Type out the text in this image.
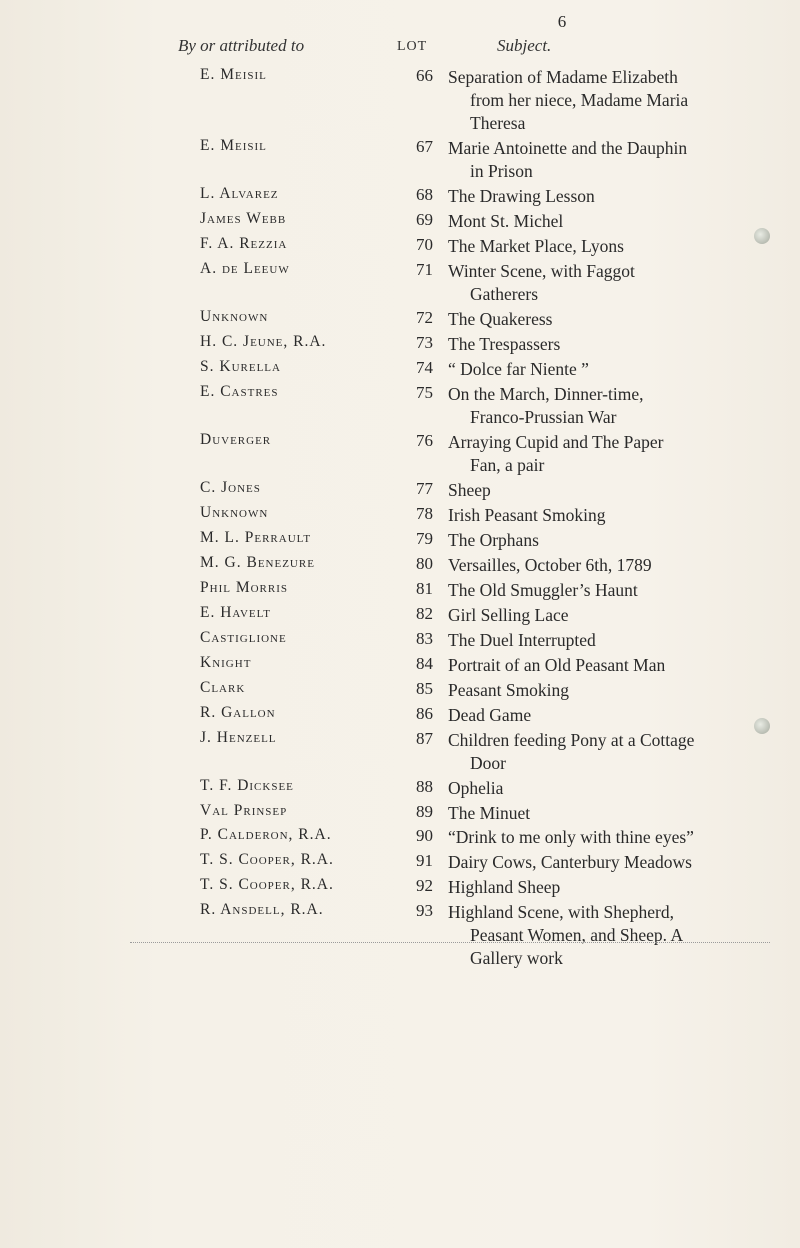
6
By or attributed to	LOT	Subject.
E. Meisil	66 Separation of Madame Elizabeth
from her niece, Madame Maria
Theresa
E. Meisil	67 Marie Antoinette and the Dauphin
in Prison
L. Alvarez	68 The Drawing Lesson
James Webb	69 Mont St. Michel
F. A. Rezzia	70 The Market Place, Lyons
A. de Leeuw	71 Winter Scene, with Faggot
Gatherers
Unknown	72 The Quakeress
H. C. Jeune, R.A.	73 The Trespassers
S. Kurella	74 “ Dolce far Niente ”
E. Castres	75 On the March, Dinner-time,
Franco-Prussian War
Duverger	76 Arraying Cupid and The Paper
Fan, a pair
C. Jones	77 Sheep
Unknown	78 Irish Peasant Smoking
M. L. Perrault	79 The Orphans
M. G. Benezure	80 Versailles, October 6th, 1789
Phil Morris	81 The Old Smuggler’s Haunt
E. Havelt	82 Girl Selling Lace
Castiglione	83 The Duel Interrupted
Knight	84 Portrait of an Old Peasant Man
Clark	85 Peasant Smoking
R. Gallon	86 Dead Game
J. Henzell	87 Children feeding Pony at a Cottage
Door
T. F. Dicksee	88 Ophelia
Val Prinsep	89 The Minuet
P. Calderon, R.A.	90 “Drink to me only with thine eyes”
T. S. Cooper, R.A.	91 Dairy Cows, Canterbury Meadows
T. S. Cooper, R.A.	92 Highland Sheep
R. Ansdell, R.A.	93 Highland Scene, with Shepherd,
Peasant Women, and Sheep. A
Gallery work
